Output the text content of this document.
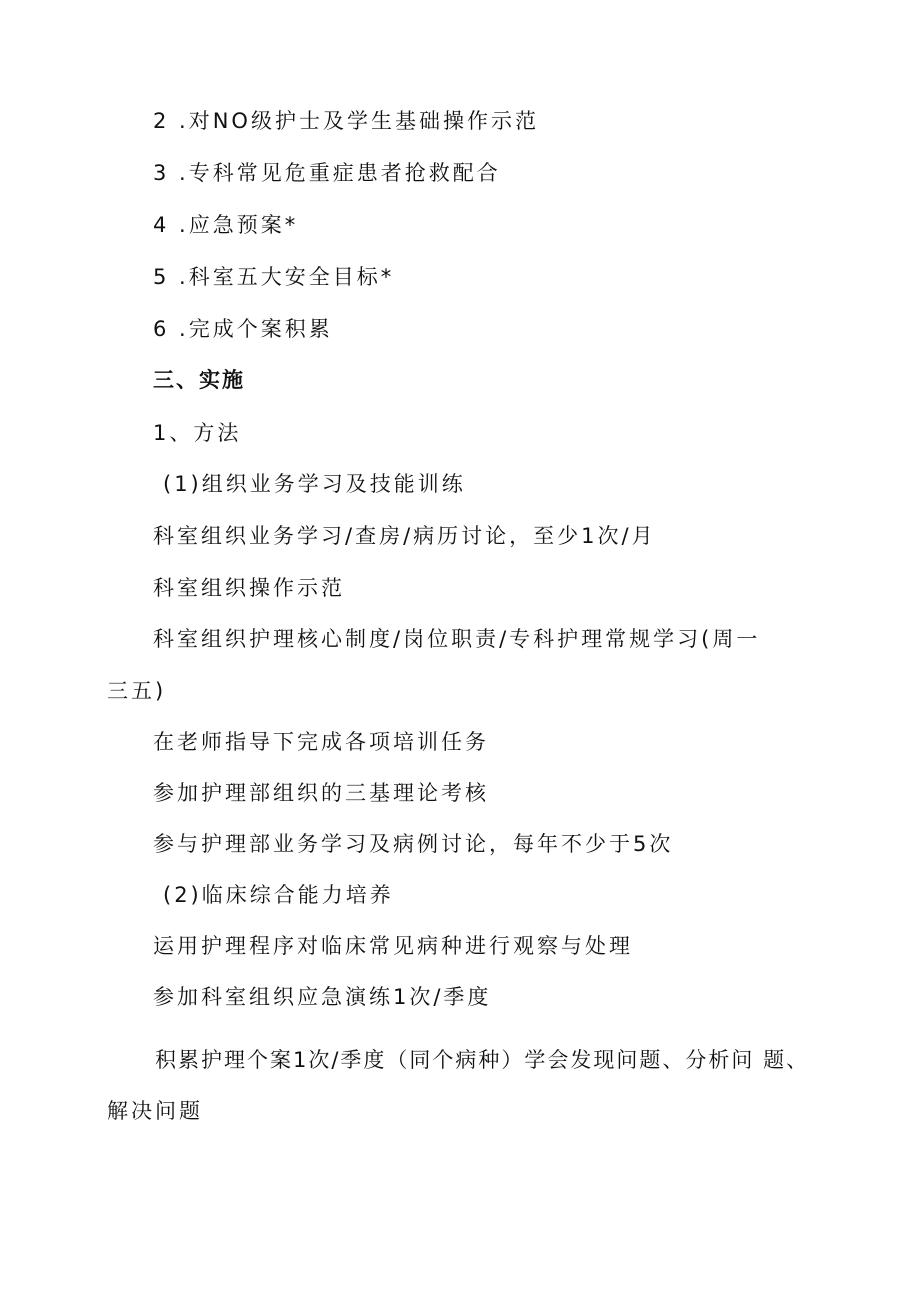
2 .对NO级护士及学生基础操作示范
3 .专科常见危重症患者抢救配合
4 .应急预案*
5 .科室五大安全目标*
6 .完成个案积累
三、实施
1、方法
(1)组织业务学习及技能训练
科室组织业务学习/查房/病历讨论，至少1次/月
科室组织操作示范
科室组织护理核心制度/岗位职责/专科护理常规学习(周一
三五)
在老师指导下完成各项培训任务
参加护理部组织的三基理论考核
参与护理部业务学习及病例讨论，每年不少于5次
(2)临床综合能力培养
运用护理程序对临床常见病种进行观察与处理
参加科室组织应急演练1次/季度
积累护理个案1次/季度（同个病种）学会发现问题、分析问 题、
解决问题
